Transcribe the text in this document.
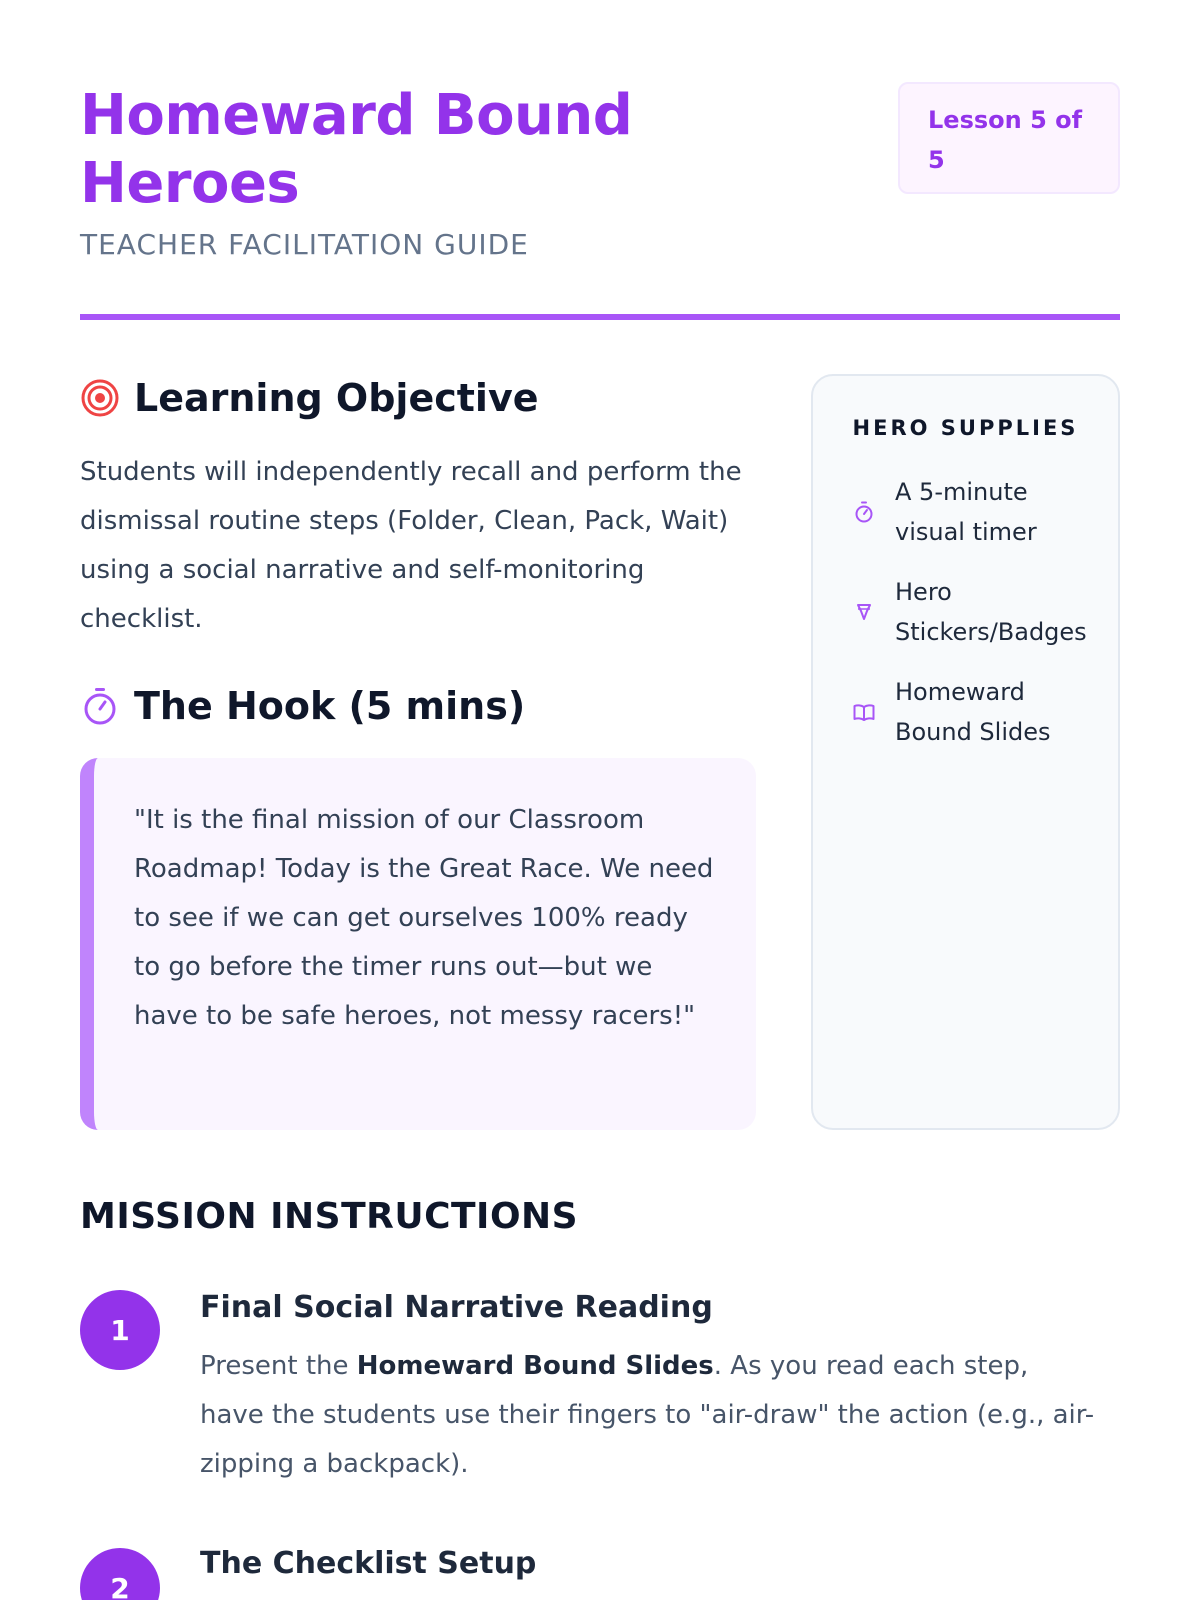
Homeward Bound Heroes
TEACHER FACILITATION GUIDE
Lesson 5 of 5
Learning Objective

Students will independently recall and perform the dismissal routine steps (Folder, Clean, Pack, Wait) using a social narrative and self-monitoring checklist.

The Hook (5 mins)
"It is the final mission of our Classroom Roadmap! Today is the Great Race. We need to see if we can get ourselves 100% ready to go before the timer runs out—but we have to be safe heroes, not messy racers!"
HERO SUPPLIES
A 5-minute visual timer
Hero Stickers/Badges
Homeward Bound Slides
MISSION INSTRUCTIONS
1
Final Social Narrative Reading

Present the Homeward Bound Slides. As you read each step, have the students use their fingers to "air-draw" the action (e.g., air-zipping a backpack).

2
The Checklist Setup
